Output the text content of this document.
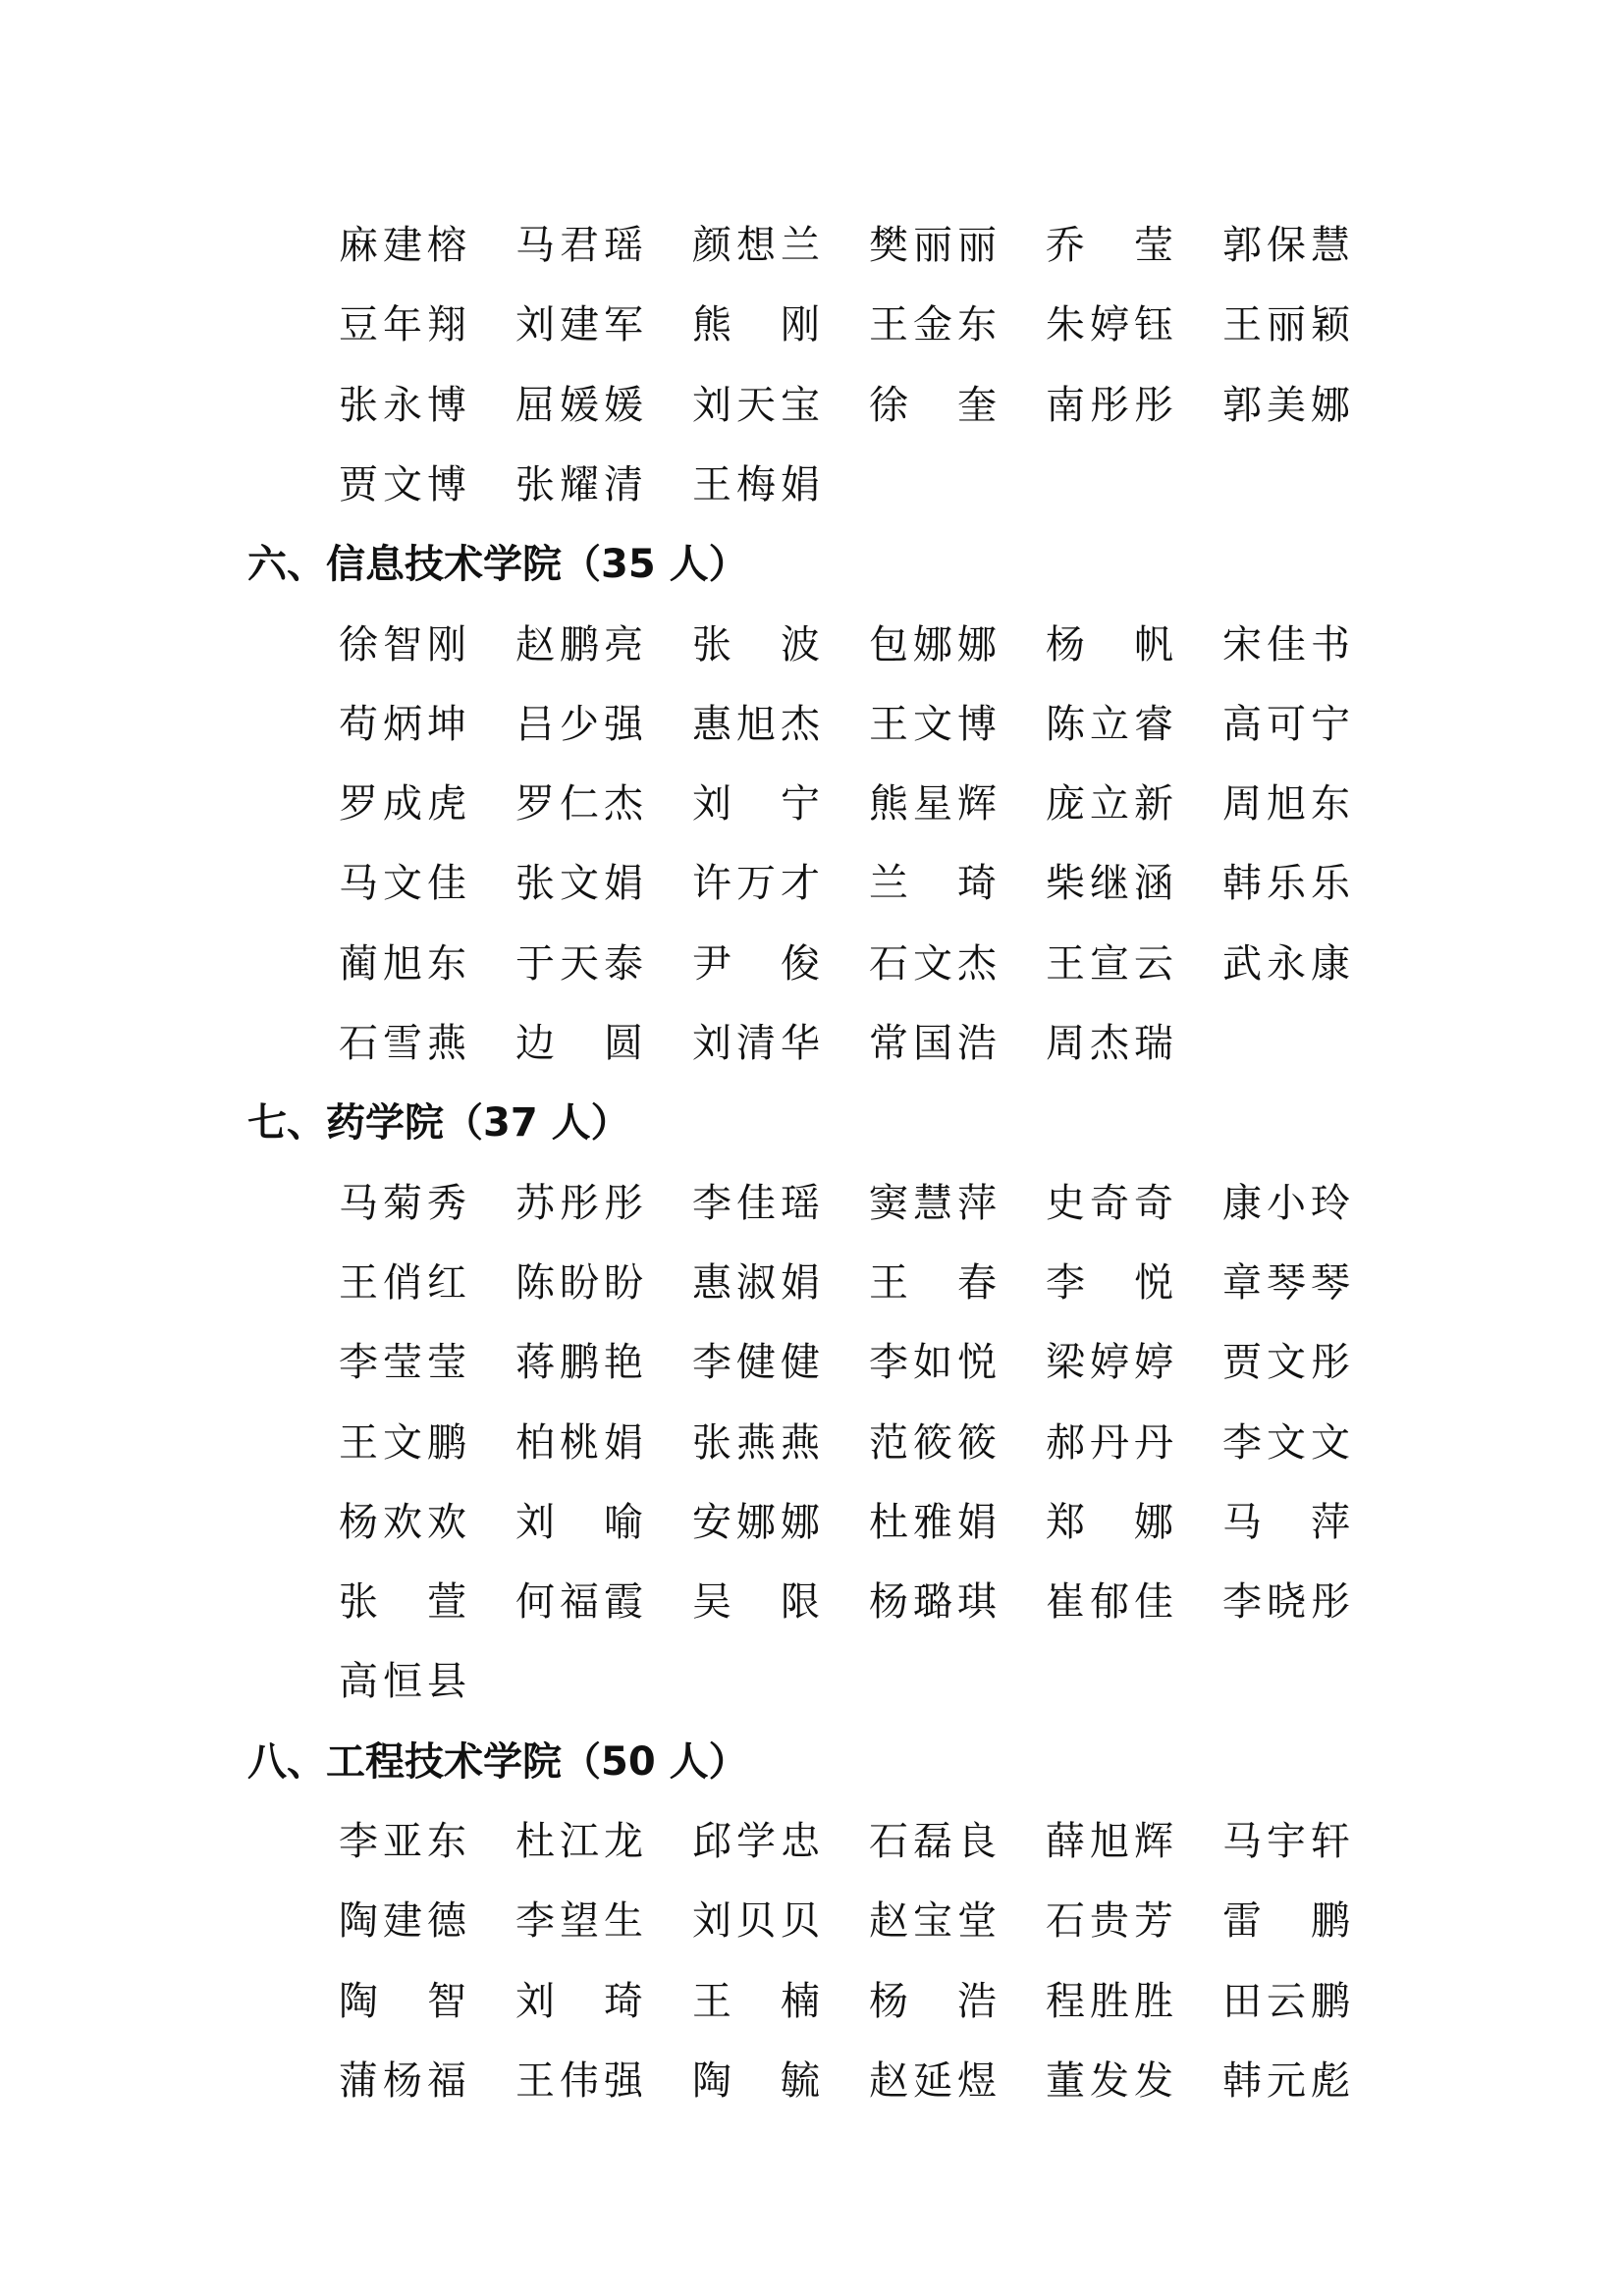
麻 建 榕 马 君 瑶 颜 想 兰 樊 丽 丽 乔
莹 郭 保 慧
豆 年 翔 刘 建 军 熊
刚 王 金 东 朱 婷 钰 王 丽 颖
张 永 博 屈 媛 媛 刘 天 宝 徐
奎 南 彤 彤 郭 美 娜
贾 文 博 张 耀 清 王 梅 娟
六、信息技术学院（35 人）
徐 智 刚 赵 鹏 亮 张
波 包 娜 娜 杨
帆 宋 佳 书
苟 炳 坤 吕 少 强 惠 旭 杰 王 文 博 陈 立 睿 高 可 宁
罗 成 虎 罗 仁 杰 刘
宁 熊 星 辉 庞 立 新 周 旭 东
马 文 佳 张 文 娟 许 万 才 兰
琦 柴 继 涵 韩 乐 乐
蔺 旭 东 于 天 泰 尹
俊 石 文 杰 王 宣 云 武 永 康
石 雪 燕 边
圆 刘 清 华 常 国 浩 周 杰 瑞
七、药学院（37 人）
马 菊 秀 苏 彤 彤 李 佳 瑶 窦 慧 萍 史 奇 奇 康 小 玲
王 俏 红 陈 盼 盼 惠 淑 娟 王
春 李
悦 章 琴 琴
李 莹 莹 蒋 鹏 艳 李 健 健 李 如 悦 梁 婷 婷 贾 文 彤
王 文 鹏 柏 桃 娟 张 燕 燕 范 筱 筱 郝 丹 丹 李 文 文
杨 欢 欢 刘
喻 安 娜 娜 杜 雅 娟 郑
娜 马
萍
张
萱 何 福 霞 吴
限 杨 璐 琪 崔 郁 佳 李 晓 彤
高 恒 县
八、工程技术学院（50 人）
李 亚 东 杜 江 龙 邱 学 忠 石 磊 良 薛 旭 辉 马 宇 轩
陶 建 德 李 望 生 刘 贝 贝 赵 宝 堂 石 贵 芳 雷
鹏
陶
智 刘
琦 王
楠 杨
浩 程 胜 胜 田 云 鹏
蒲 杨 福 王 伟 强 陶
毓 赵 延 煜 董 发 发 韩 元 彪
